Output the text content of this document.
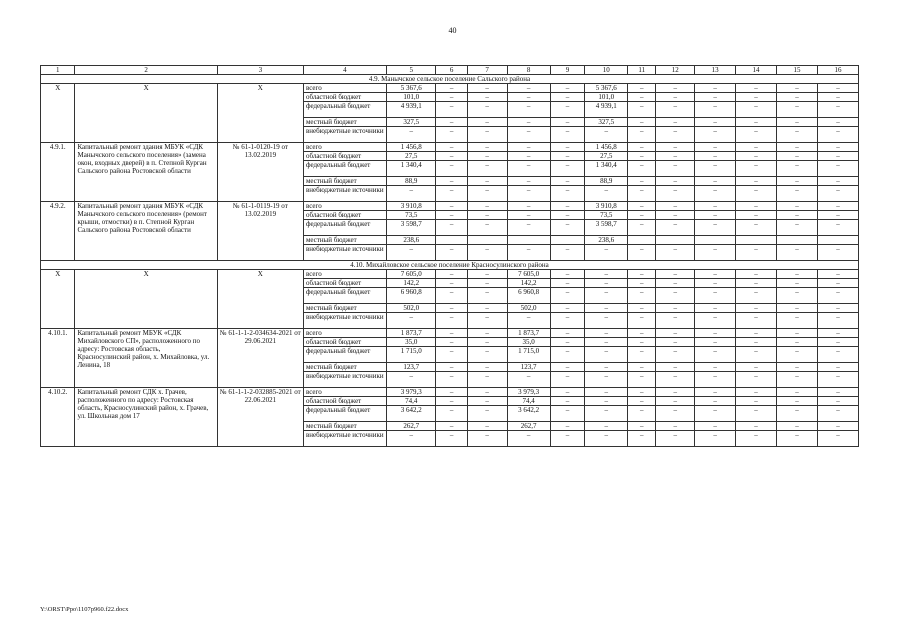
40
1	2	3	4	5	6	7	8	9	10	11	12	13	14	15	16
4.9. Манычское сельское поселение Сальского района															
X	X	X	всего	5 367,6	–	–	–	–	5 367,6	–	–	–	–	–	–
			областной бюджет	101,0	–	–	–	–	101,0	–	–	–	–	–	–
			федеральный бюджет	4 939,1	–	–	–	–	4 939,1	–	–	–	–	–	–
			местный бюджет	327,5	–	–	–	–	327,5	–	–	–	–	–	–
			внебюджетные источники	–	–	–	–	–	–	–	–	–	–	–	–
4.9.1.	Капитальный ремонт здания МБУК «СДК Манычского сельского поселения» (замена окон, входных дверей) в п. Степной Курган Сальского района Ростовской области	№ 61-1-0120-19 от 13.02.2019	всего	1 456,8	–	–	–	–	1 456,8	–	–	–	–	–	–
			областной бюджет	27,5	–	–	–	–	27,5	–	–	–	–	–	–
			федеральный бюджет	1 340,4	–	–	–	–	1 340,4	–	–	–	–	–	–
			местный бюджет	88,9	–	–	–	–	88,9	–	–	–	–	–	–
			внебюджетные источники	–	–	–	–	–	–	–	–	–	–	–	–
4.9.2.	Капитальный ремонт здания МБУК «СДК Манычского сельского поселения» (ремонт крыши, отмостки) в п. Степной Курган Сальского района Ростовской области	№ 61-1-0119-19 от 13.02.2019	всего	3 910,8	–	–	–	–	3 910,8	–	–	–	–	–	–
			областной бюджет	73,5	–	–	–	–	73,5	–	–	–	–	–	–
			федеральный бюджет	3 598,7	–	–	–	–	3 598,7	–	–	–	–	–	–
			местный бюджет	238,6					238,6						
			внебюджетные источники	–	–	–	–	–	–	–	–	–	–	–	–
4.10. Михайловское сельское поселение Красносулинского района															
X	X	X	всего	7 605,0	–	–	7 605,0	–	–	–	–	–	–	–	–
			областной бюджет	142,2	–	–	142,2	–	–	–	–	–	–	–	–
			федеральный бюджет	6 960,8	–	–	6 960,8	–	–	–	–	–	–	–	–
			местный бюджет	502,0	–	–	502,0	–	–	–	–	–	–	–	–
			внебюджетные источники	–	–	–	–	–	–	–	–	–	–	–	–
4.10.1.	Капитальный ремонт МБУК «СДК Михайловского СП», расположенного по адресу: Ростовская область, Красносулинский район, х. Михайловка, ул. Ленина, 18	№ 61-1-1-2-034634-2021 от 29.06.2021	всего	1 873,7	–	–	1 873,7	–	–	–	–	–	–	–	–
			областной бюджет	35,0	–	–	35,0	–	–	–	–	–	–	–	–
			федеральный бюджет	1 715,0	–	–	1 715,0	–	–	–	–	–	–	–	–
			местный бюджет	123,7	–	–	123,7	–	–	–	–	–	–	–	–
			внебюджетные источники	–	–	–	–	–	–	–	–	–	–	–	–
4.10.2.	Капитальный ремонт СДК х. Грачев, расположенного по адресу: Ростовская область, Красносулинский район, х. Грачев, ул. Школьная дом 17	№ 61-1-1-2-032885-2021 от 22.06.2021	всего	3 979,3	–	–	3 979,3	–	–	–	–	–	–	–	–
			областной бюджет	74,4	–	–	74,4	–	–	–	–	–	–	–	–
			федеральный бюджет	3 642,2	–	–	3 642,2	–	–	–	–	–	–	–	–
			местный бюджет	262,7	–	–	262,7	–	–	–	–	–	–	–	–
			внебюджетные источники	–	–	–	–	–	–	–	–	–	–	–	–
Y:\ORST\Ppo\1107p960.f22.docx
